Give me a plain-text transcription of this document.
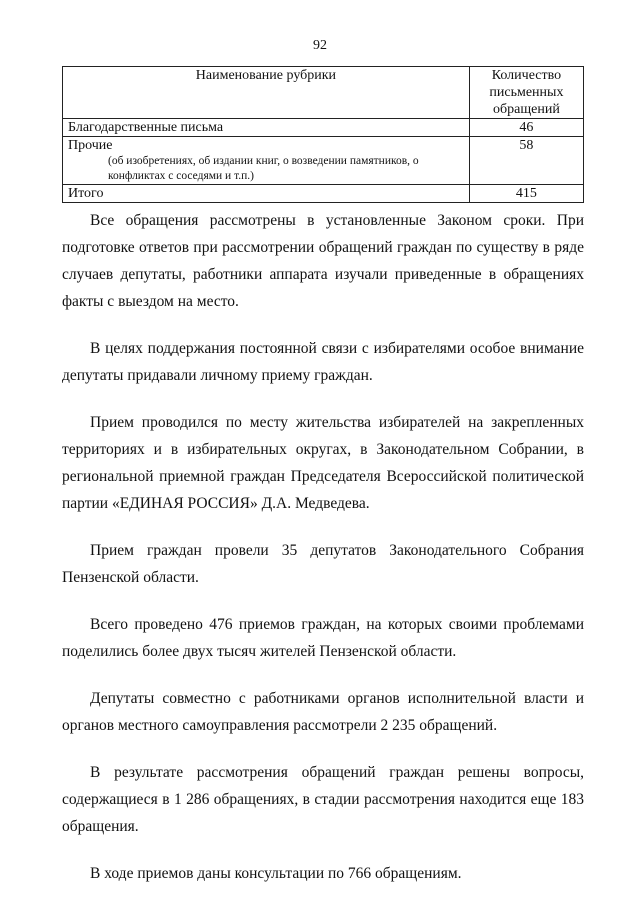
92
Наименование рубрики	Количество
письменных
обращений

Благодарственные письма	46
Прочие
(об изобретениях, об издании книг, о возведении памятников, о конфликтах с соседями и т.п.)	58
Итого	415

Все обращения рассмотрены в установленные Законом сроки. При подготовке ответов при рассмотрении обращений граждан по существу в ряде случаев депутаты, работники аппарата изучали приведенные в обращениях факты с выездом на место.

В целях поддержания постоянной связи с избирателями особое внимание депутаты придавали личному приему граждан.

Прием проводился по месту жительства избирателей на закрепленных территориях и в избирательных округах, в Законодательном Собрании, в региональной приемной граждан Председателя Всероссийской политической партии «ЕДИНАЯ РОССИЯ» Д.А. Медведева.

Прием граждан провели 35 депутатов Законодательного Собрания Пензенской области.

Всего проведено 476 приемов граждан, на которых своими проблемами поделились более двух тысяч жителей Пензенской области.

Депутаты совместно с работниками органов исполнительной власти и органов местного самоуправления рассмотрели 2 235 обращений.

В результате рассмотрения обращений граждан решены вопросы, содержащиеся в 1 286 обращениях, в стадии рассмотрения находится еще 183 обращения.

В ходе приемов даны консультации по 766 обращениям.
